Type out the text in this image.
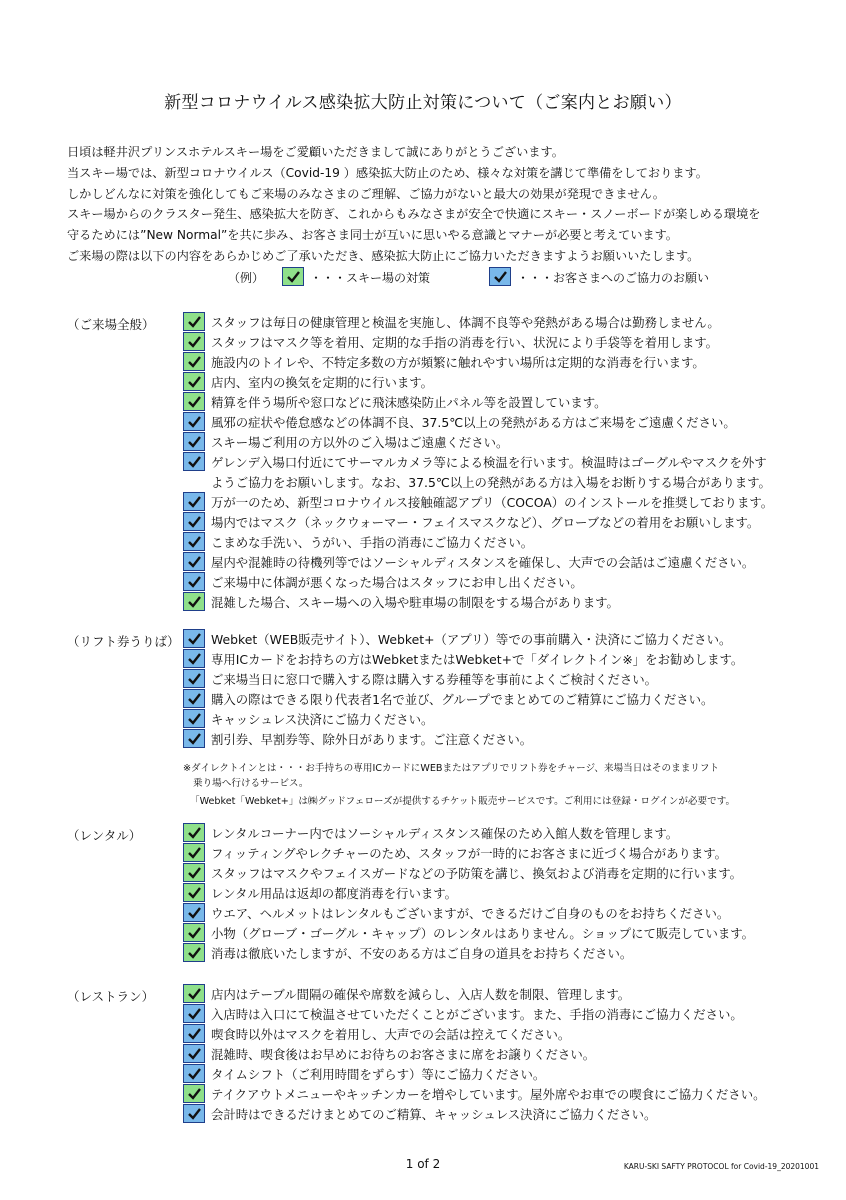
新型コロナウイルス感染拡大防止対策について（ご案内とお願い）

日頃は軽井沢プリンスホテルスキー場をご愛顧いただきまして誠にありがとうございます。

当スキー場では、新型コロナウイルス（Covid-19 ）感染拡大防止のため、様々な対策を講じて準備をしております。

しかしどんなに対策を強化してもご来場のみなさまのご理解、ご協力がないと最大の効果が発現できません。

スキー場からのクラスター発生、感染拡大を防ぎ、これからもみなさまが安全で快適にスキー・スノーボードが楽しめる環境を

守るためには”New Normal”を共に歩み、お客さま同士が互いに思いやる意識とマナーが必要と考えています。

ご来場の際は以下の内容をあらかじめご了承いただき、感染拡大防止にご協力いただきますようお願いいたします。

（例）	・・・スキー場の対策	・・・お客さまへのご協力のお願い
（ご来場全般）	スタッフは毎日の健康管理と検温を実施し、体調不良等や発熱がある場合は勤務しません。
スタッフはマスク等を着用、定期的な手指の消毒を行い、状況により手袋等を着用します。
施設内のトイレや、不特定多数の方が頻繁に触れやすい場所は定期的な消毒を行います。
店内、室内の換気を定期的に行います。
精算を伴う場所や窓口などに飛沫感染防止パネル等を設置しています。
風邪の症状や倦怠感などの体調不良、37.5℃以上の発熱がある方はご来場をご遠慮ください。
スキー場ご利用の方以外のご入場はご遠慮ください。
ゲレンデ入場口付近にてサーマルカメラ等による検温を行います。検温時はゴーグルやマスクを外す
ようご協力をお願いします。なお、37.5℃以上の発熱がある方は入場をお断りする場合があります。
万が一のため、新型コロナウイルス接触確認アプリ（COCOA）のインストールを推奨しております。
場内ではマスク（ネックウォーマー・フェイスマスクなど）、グローブなどの着用をお願いします。
こまめな手洗い、うがい、手指の消毒にご協力ください。
屋内や混雑時の待機列等ではソーシャルディスタンスを確保し、大声での会話はご遠慮ください。
ご来場中に体調が悪くなった場合はスタッフにお申し出ください。
混雑した場合、スキー場への入場や駐車場の制限をする場合があります。
（リフト券うりば）	Webket（WEB販売サイト）、Webket+（アプリ）等での事前購入・決済にご協力ください。
専用ICカードをお持ちの方はWebketまたはWebket+で「ダイレクトイン※」をお勧めします。
ご来場当日に窓口で購入する際は購入する券種等を事前によくご検討ください。
購入の際はできる限り代表者1名で並び、グループでまとめてのご精算にご協力ください。
キャッシュレス決済にご協力ください。
割引券、早割券等、除外日があります。ご注意ください。
※ダイレクトインとは・・・お手持ちの専用ICカードにWEBまたはアプリでリフト券をチャージ、来場当日はそのままリフト
乗り場へ行けるサービス。
「Webket「Webket+」は㈱グッドフェローズが提供するチケット販売サービスです。ご利用には登録・ログインが必要です。
（レンタル）	レンタルコーナー内ではソーシャルディスタンス確保のため入館人数を管理します。
フィッティングやレクチャーのため、スタッフが一時的にお客さまに近づく場合があります。
スタッフはマスクやフェイスガードなどの予防策を講じ、換気および消毒を定期的に行います。
レンタル用品は返却の都度消毒を行います。
ウエア、ヘルメットはレンタルもございますが、できるだけご自身のものをお持ちください。
小物（グローブ・ゴーグル・キャップ）のレンタルはありません。ショップにて販売しています。
消毒は徹底いたしますが、不安のある方はご自身の道具をお持ちください。
（レストラン）	店内はテーブル間隔の確保や席数を減らし、入店人数を制限、管理します。
入店時は入口にて検温させていただくことがございます。また、手指の消毒にご協力ください。
喫食時以外はマスクを着用し、大声での会話は控えてください。
混雑時、喫食後はお早めにお待ちのお客さまに席をお譲りください。
タイムシフト（ご利用時間をずらす）等にご協力ください。
テイクアウトメニューやキッチンカーを増やしています。屋外席やお車での喫食にご協力ください。
会計時はできるだけまとめてのご精算、キャッシュレス決済にご協力ください。
1 of 2	KARU-SKI SAFTY PROTOCOL for Covid-19_20201001
